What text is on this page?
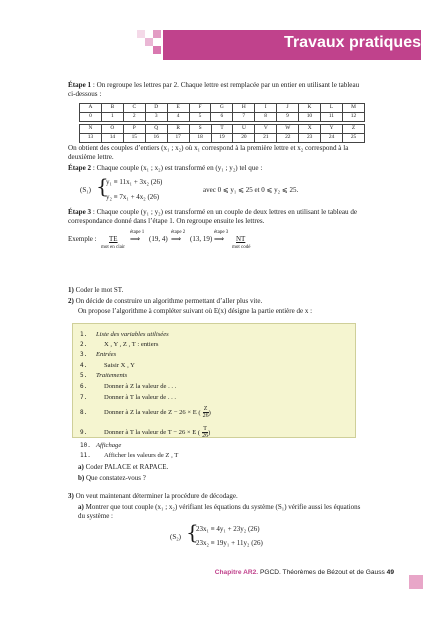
Travaux pratiques
Étape 1 : On regroupe les lettres par 2. Chaque lettre est remplacée par un entier en utilisant le tableau ci-dessous :
A	B	C	D	E	F	G	H	I	J	K	L	M
0	1	2	3	4	5	6	7	8	9	10	11	12
N	O	P	Q	R	S	T	U	V	W	X	Y	Z
13	14	15	16	17	18	19	20	21	22	23	24	25
On obtient des couples d’entiers (x₁ ; x₂) où x₁ correspond à la première lettre et x₂ correspond à la deuxième lettre.
Étape 2 : Chaque couple (x₁ ; x₂) est transformé en (y₁ ; y₂) tel que :
(S₁) {
y₁ ≡ 11x₁ + 3x₂ (26)
y₂ ≡ 7x₁ + 4x₂ (26)
avec 0 ⩽ y₁ ⩽ 25 et 0 ⩽ y₂ ⩽ 25.
Étape 3 : Chaque couple (y₁ ; y₂) est transformé en un couple de deux lettres en utilisant le tableau de correspondance donné dans l’étape 1. On regroupe ensuite les lettres.
Exemple : TE
mot en clair
étape 1
⟹ (19, 4)
étape 2
⟹ (13, 19)
étape 3
⟹ NT
mot codé
1) Coder le mot ST.
2) On décide de construire un algorithme permettant d’aller plus vite.
On propose l’algorithme à compléter suivant où E(x) désigne la partie entière de x :
1. Liste des variables utilisées
2.	X , Y , Z , T : entiers
3. Entrées
4.	Saisir X , Y
5. Traitements
6.	Donner à Z la valeur de . . .
7.	Donner à T la valeur de . . .
8.	Donner à Z la valeur de Z − 26 × E ( $\frac{Z}{26}$ )
9.	Donner à T la valeur de T − 26 × E ( $\frac{T}{26}$ )
10. Affichage
11. Afficher les valeurs de Z , T
a) Coder PALACE et RAPACE.
b) Que constatez-vous ?
3) On veut maintenant déterminer la procédure de décodage.
a) Montrer que tout couple (x₁ ; x₂) vérifiant les équations du système (S₁) vérifie aussi les équations du système :
(S₂) {
23x₁ ≡ 4y₁ + 23y₂ (26)
23x₂ ≡ 19y₁ + 11y₂ (26)
Chapitre AR2. PGCD. Théorèmes de Bézout et de Gauss 49
